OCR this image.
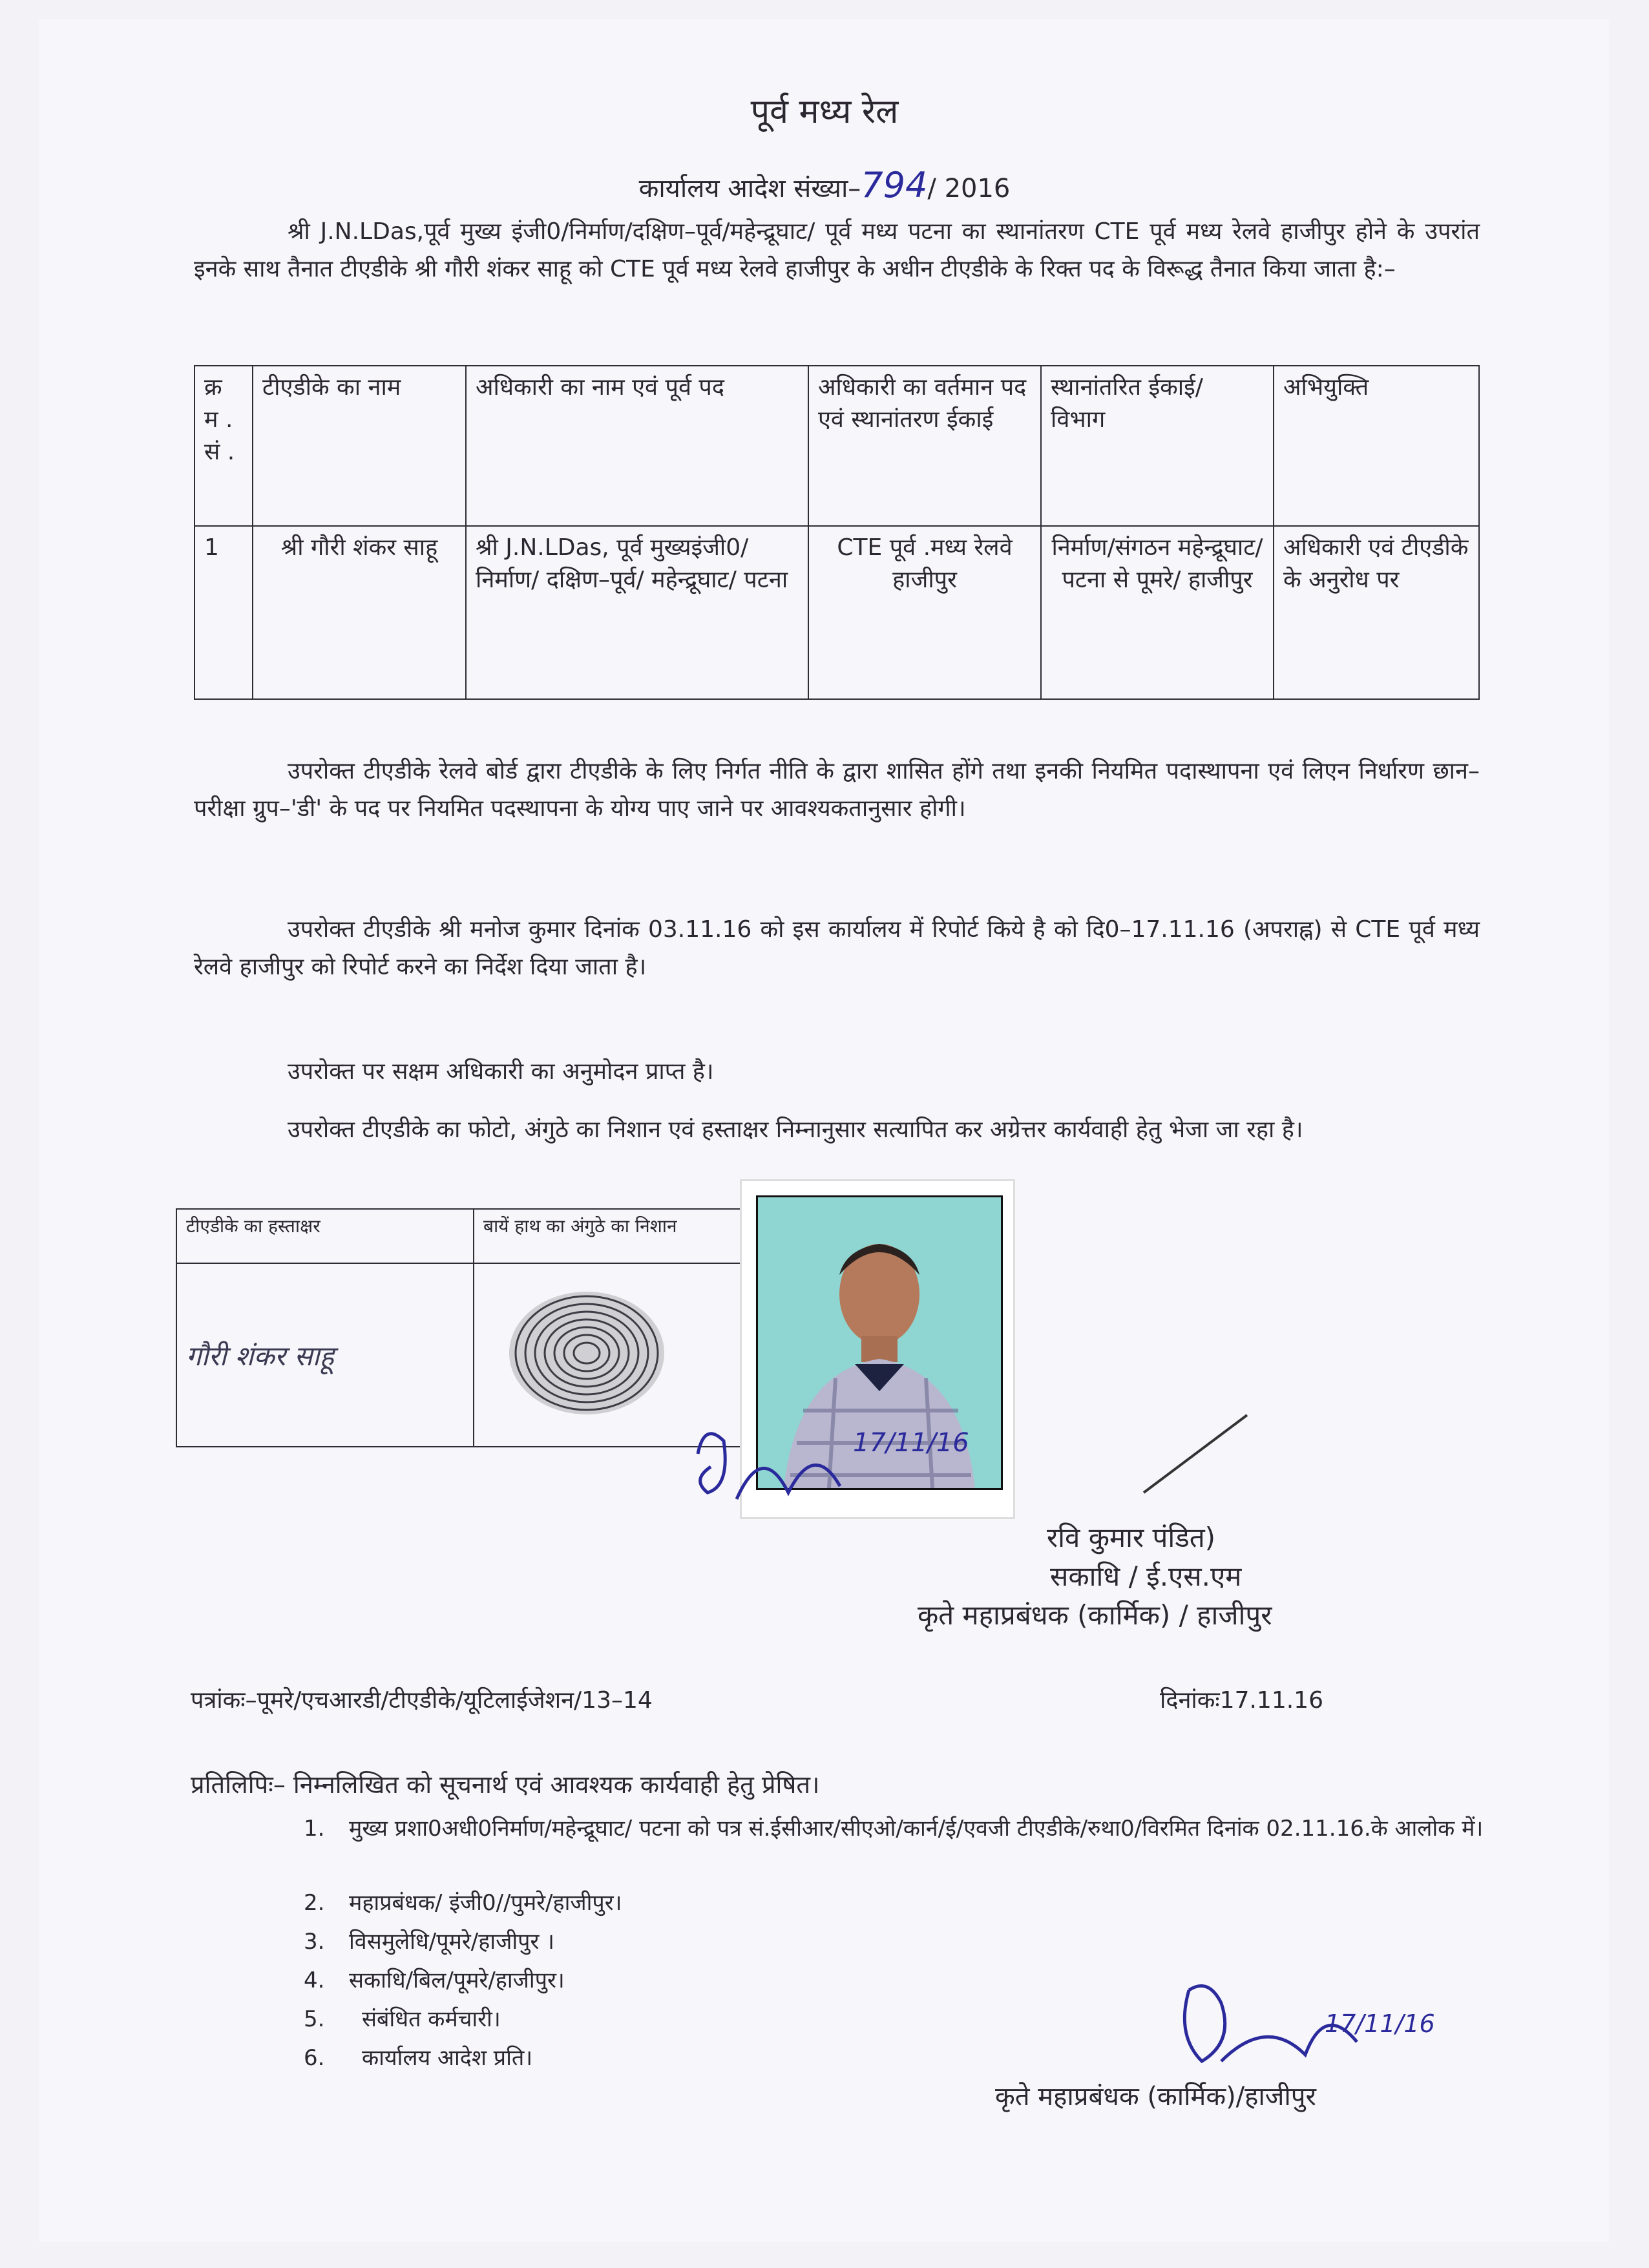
पूर्व मध्य रेल
कार्यालय आदेश संख्या–794/ 2016
श्री J.N.LDas,पूर्व मुख्य इंजी0/निर्माण/दक्षिण–पूर्व/महेन्द्रूघाट/ पूर्व मध्य पटना का स्थानांतरण CTE पूर्व मध्य रेलवे हाजीपुर होने के उपरांत इनके साथ तैनात टीएडीके श्री गौरी शंकर साहू को CTE पूर्व मध्य रेलवे हाजीपुर के अधीन टीएडीके के रिक्त पद के विरूद्ध तैनात किया जाता है:–
क्र म . सं .	टीएडीके का नाम	अधिकारी का नाम एवं पूर्व पद	अधिकारी का वर्तमान पद एवं स्थानांतरण ईकाई	स्थानांतरित ईकाई/ विभाग	अभियुक्ति
1	श्री गौरी शंकर साहू	श्री J.N.LDas, पूर्व मुख्यइंजी0/ निर्माण/ दक्षिण–पूर्व/ महेन्द्रूघाट/ पटना	CTE पूर्व .मध्य रेलवे हाजीपुर	निर्माण/संगठन महेन्द्रूघाट/ पटना से पूमरे/ हाजीपुर	अधिकारी एवं टीएडीके के अनुरोध पर
उपरोक्त टीएडीके रेलवे बोर्ड द्वारा टीएडीके के लिए निर्गत नीति के द्वारा शासित होंगे तथा इनकी नियमित पदास्थापना एवं लिएन निर्धारण छान–परीक्षा ग्रुप–'डी' के पद पर नियमित पदस्थापना के योग्य पाए जाने पर आवश्यकतानुसार होगी।
उपरोक्त टीएडीके श्री मनोज कुमार दिनांक 03.11.16 को इस कार्यालय में रिपोर्ट किये है को दि0–17.11.16 (अपराह्न) से CTE पूर्व मध्य रेलवे हाजीपुर को रिपोर्ट करने का निर्देश दिया जाता है।
उपरोक्त पर सक्षम अधिकारी का अनुमोदन प्राप्त है।
उपरोक्त टीएडीके का फोटो, अंगुठे का निशान एवं हस्ताक्षर निम्नानुसार सत्यापित कर अग्रेत्तर कार्यवाही हेतु भेजा जा रहा है।
टीएडीके का हस्ताक्षर	बायें हाथ का अंगुठे का निशान
गौरी शंकर साहू	
17/11/16
रवि कुमार पंडित)
सकाधि / ई.एस.एम
कृते महाप्रबंधक (कार्मिक) / हाजीपुर
पत्रांकः–पूमरे/एचआरडी/टीएडीके/यूटिलाईजेशन/13–14	दिनांकः17.11.16
प्रतिलिपिः– निम्नलिखित को सूचनार्थ एवं आवश्यक कार्यवाही हेतु प्रेषित।
1. मुख्य प्रशा0अधी0निर्माण/महेन्द्रूघाट/ पटना को पत्र सं.ईसीआर/सीएओ/कार्न/ई/एवजी टीएडीके/रुथा0/विरमित दिनांक 02.11.16.के आलोक में।
2. महाप्रबंधक/ इंजी0//पुमरे/हाजीपुर।
3. विसमुलेधि/पूमरे/हाजीपुर ।
4. सकाधि/बिल/पूमरे/हाजीपुर।
5. संबंधित कर्मचारी।
6. कार्यालय आदेश प्रति।
17/11/16
कृते महाप्रबंधक (कार्मिक)/हाजीपुर
